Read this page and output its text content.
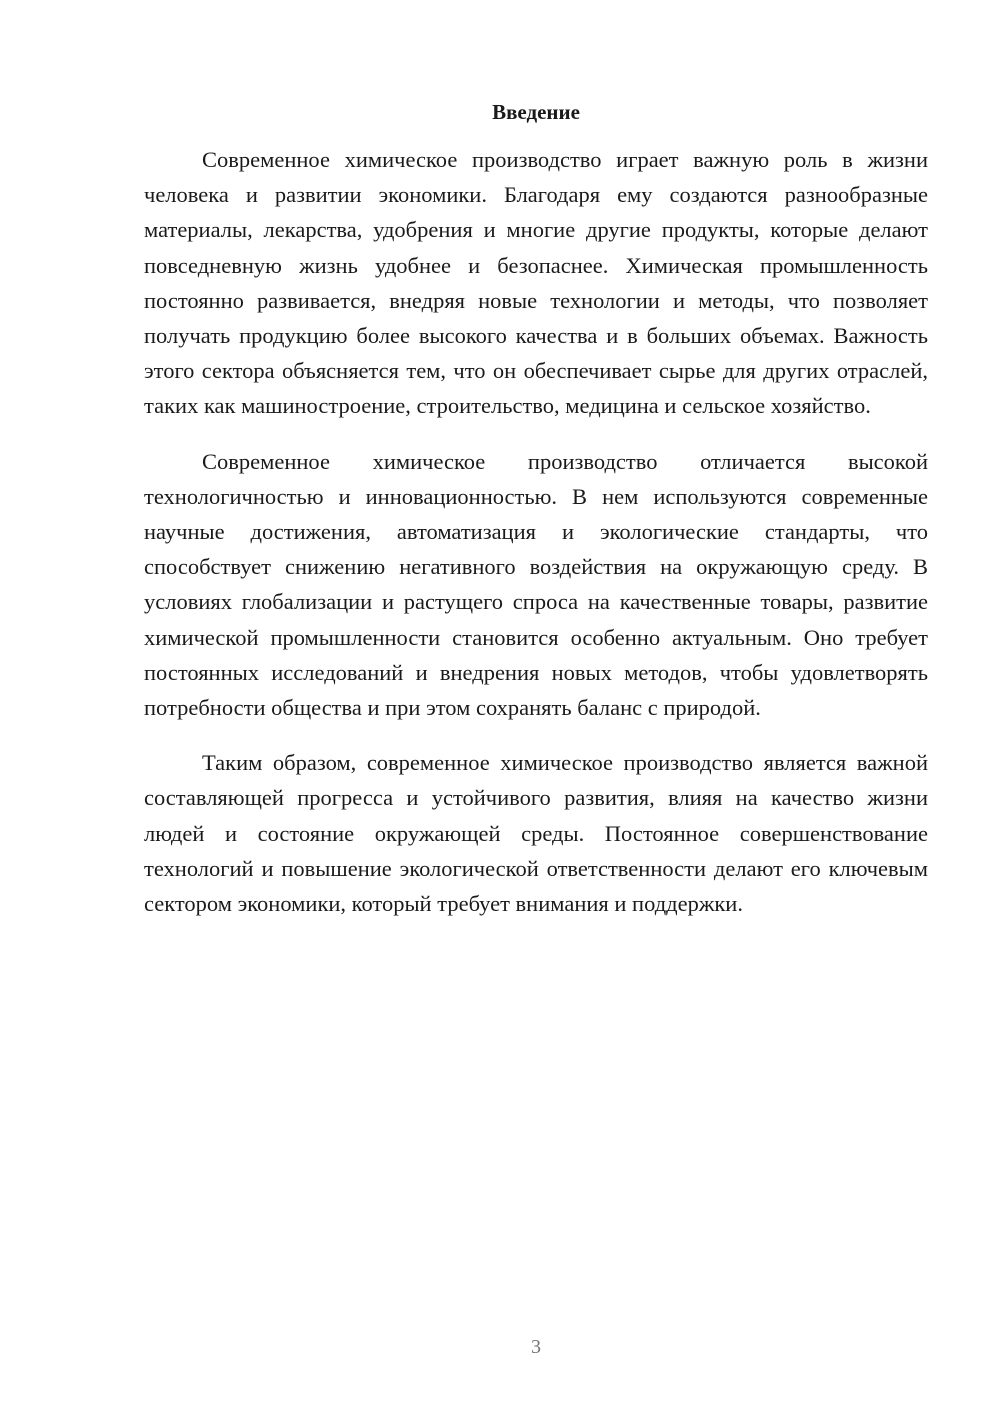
Введение

Современное химическое производство играет важную роль в жизни человека и развитии экономики. Благодаря ему создаются разнообразные материалы, лекарства, удобрения и многие другие продукты, которые делают повседневную жизнь удобнее и безопаснее. Химическая промышленность постоянно развивается, внедряя новые технологии и методы, что позволяет получать продукцию более высокого качества и в больших объемах. Важность этого сектора объясняется тем, что он обеспечивает сырье для других отраслей, таких как машиностроение, строительство, медицина и сельское хозяйство.

Современное химическое производство отличается высокой технологичностью и инновационностью. В нем используются современные научные достижения, автоматизация и экологические стандарты, что способствует снижению негативного воздействия на окружающую среду. В условиях глобализации и растущего спроса на качественные товары, развитие химической промышленности становится особенно актуальным. Оно требует постоянных исследований и внедрения новых методов, чтобы удовлетворять потребности общества и при этом сохранять баланс с природой.

Таким образом, современное химическое производство является важной составляющей прогресса и устойчивого развития, влияя на качество жизни людей и состояние окружающей среды. Постоянное совершенствование технологий и повышение экологической ответственности делают его ключевым сектором экономики, который требует внимания и поддержки.

3
